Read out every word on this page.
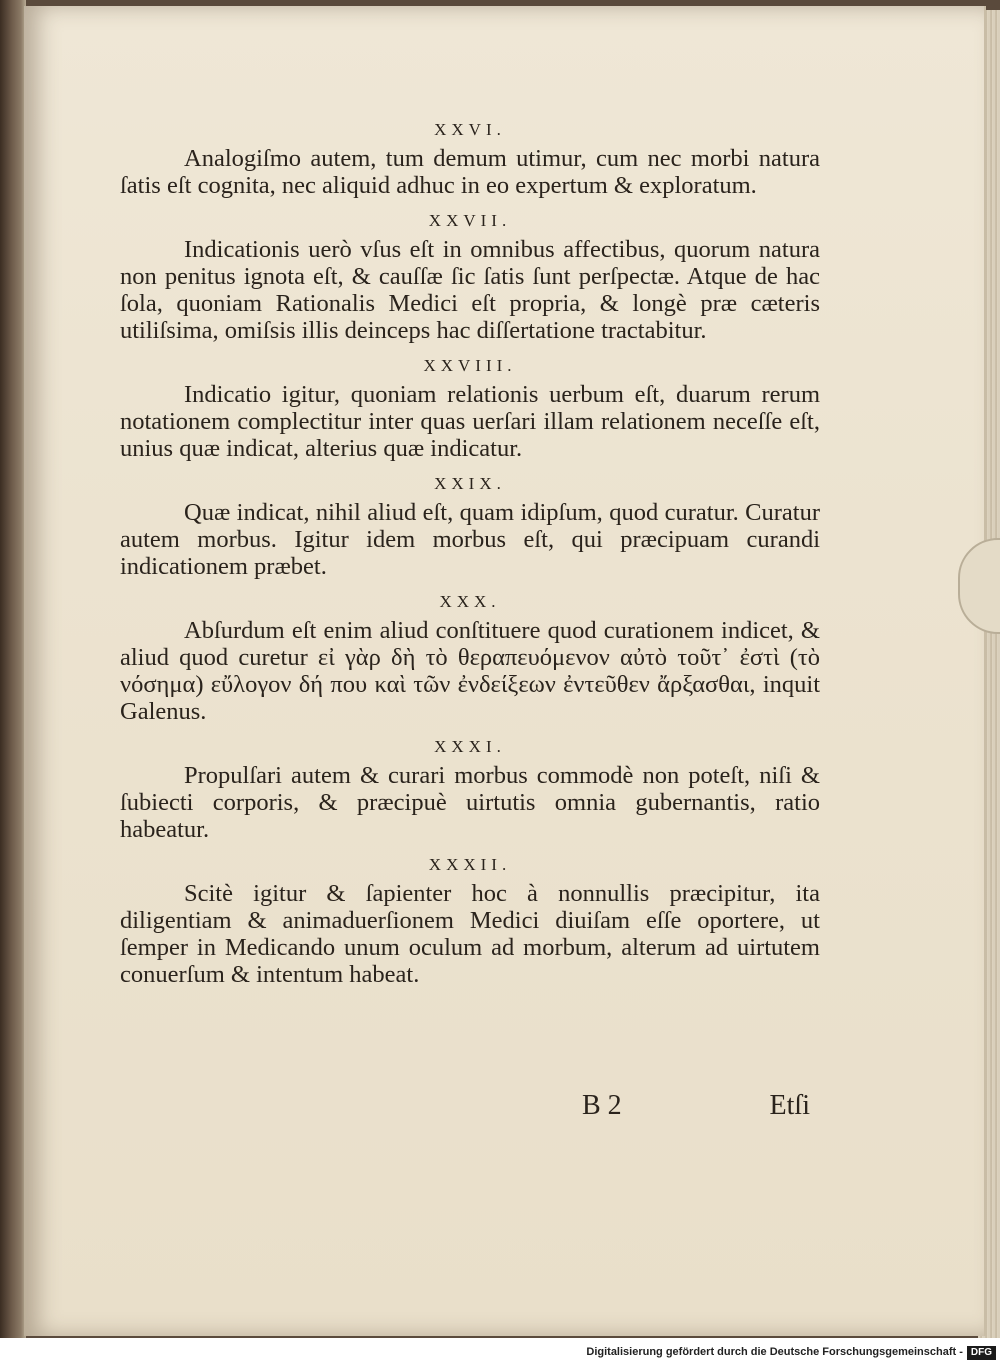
XXVI.

Analogiſmo autem, tum demum utimur, cum nec morbi natura ſatis eſt cognita, nec aliquid adhuc in eo expertum & exploratum.

XXVII.

Indicationis uerò vſus eſt in omnibus affectibus, quorum natura non penitus ignota eſt, & cauſſæ ſic ſatis ſunt perſpectæ. Atque de hac ſola, quoniam Rationalis Medici eſt propria, & longè præ cæteris utiliſsima, omiſsis illis deinceps hac diſſertatione tractabitur.

XXVIII.

Indicatio igitur, quoniam relationis uerbum eſt, duarum rerum notationem complectitur inter quas uerſari illam relationem neceſſe eſt, unius quæ indicat, alterius quæ indicatur.

XXIX.

Quæ indicat, nihil aliud eſt, quam idipſum, quod curatur. Curatur autem morbus. Igitur idem morbus eſt, qui præcipuam curandi indicationem præbet.

XXX.

Abſurdum eſt enim aliud conſtituere quod curationem indicet, & aliud quod curetur εἰ γὰρ δὴ τὸ θεραπευόμενον αὐτὸ τοῦτ᾽ ἐστὶ (τὸ νόσημα) εὔλογον δή που καὶ τῶν ἐνδείξεων ἐντεῦθεν ἄρξασθαι, inquit Galenus.

XXXI.

Propulſari autem & curari morbus commodè non poteſt, niſi & ſubiecti corporis, & præcipuè uirtutis omnia gubernantis, ratio habeatur.

XXXII.

Scitè igitur & ſapienter hoc à nonnullis præcipitur, ita diligentiam & animaduerſionem Medici diuiſam eſſe oportere, ut ſemper in Medicando unum oculum ad morbum, alterum ad uirtutem conuerſum & intentum habeat.

B 2	Etſi
Digitalisierung gefördert durch die Deutsche Forschungsgemeinschaft - DFG
